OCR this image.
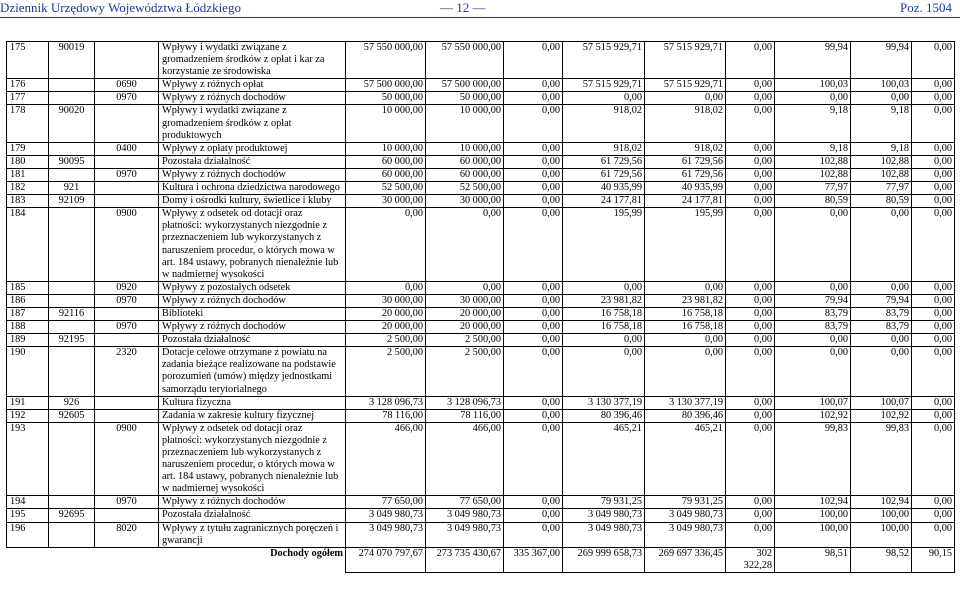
Dziennik Urzędowy Województwa Łódzkiego	— 12 —	Poz. 1504
175	90019		Wpływy i wydatki związane z gromadzeniem środków z opłat i kar za korzystanie ze środowiska	57 550 000,00	57 550 000,00	0,00	57 515 929,71	57 515 929,71	0,00	99,94	99,94	0,00
176		0690	Wpływy z różnych opłat	57 500 000,00	57 500 000,00	0,00	57 515 929,71	57 515 929,71	0,00	100,03	100,03	0,00
177		0970	Wpływy z różnych dochodów	50 000,00	50 000,00	0,00	0,00	0,00	0,00	0,00	0,00	0,00
178	90020		Wpływy i wydatki związane z gromadzeniem środków z opłat produktowych	10 000,00	10 000,00	0,00	918,02	918,02	0,00	9,18	9,18	0,00
179		0400	Wpływy z opłaty produktowej	10 000,00	10 000,00	0,00	918,02	918,02	0,00	9,18	9,18	0,00
180	90095		Pozostała działalność	60 000,00	60 000,00	0,00	61 729,56	61 729,56	0,00	102,88	102,88	0,00
181		0970	Wpływy z różnych dochodów	60 000,00	60 000,00	0,00	61 729,56	61 729,56	0,00	102,88	102,88	0,00
182	921		Kultura i ochrona dziedzictwa narodowego	52 500,00	52 500,00	0,00	40 935,99	40 935,99	0,00	77,97	77,97	0,00
183	92109		Domy i ośrodki kultury, świetlice i kluby	30 000,00	30 000,00	0,00	24 177,81	24 177,81	0,00	80,59	80,59	0,00
184		0900	Wpływy z odsetek od dotacji oraz płatności: wykorzystanych niezgodnie z przeznaczeniem lub wykorzystanych z naruszeniem procedur, o których mowa w art. 184 ustawy, pobranych nienależnie lub w nadmiernej wysokości	0,00	0,00	0,00	195,99	195,99	0,00	0,00	0,00	0,00
185		0920	Wpływy z pozostałych odsetek	0,00	0,00	0,00	0,00	0,00	0,00	0,00	0,00	0,00
186		0970	Wpływy z różnych dochodów	30 000,00	30 000,00	0,00	23 981,82	23 981,82	0,00	79,94	79,94	0,00
187	92116		Biblioteki	20 000,00	20 000,00	0,00	16 758,18	16 758,18	0,00	83,79	83,79	0,00
188		0970	Wpływy z różnych dochodów	20 000,00	20 000,00	0,00	16 758,18	16 758,18	0,00	83,79	83,79	0,00
189	92195		Pozostała działalność	2 500,00	2 500,00	0,00	0,00	0,00	0,00	0,00	0,00	0,00
190		2320	Dotacje celowe otrzymane z powiatu na zadania bieżące realizowane na podstawie porozumień (umów) między jednostkami samorządu terytorialnego	2 500,00	2 500,00	0,00	0,00	0,00	0,00	0,00	0,00	0,00
191	926		Kultura fizyczna	3 128 096,73	3 128 096,73	0,00	3 130 377,19	3 130 377,19	0,00	100,07	100,07	0,00
192	92605		Zadania w zakresie kultury fizycznej	78 116,00	78 116,00	0,00	80 396,46	80 396,46	0,00	102,92	102,92	0,00
193		0900	Wpływy z odsetek od dotacji oraz płatności: wykorzystanych niezgodnie z przeznaczeniem lub wykorzystanych z naruszeniem procedur, o których mowa w art. 184 ustawy, pobranych nienależnie lub w nadmiernej wysokości	466,00	466,00	0,00	465,21	465,21	0,00	99,83	99,83	0,00
194		0970	Wpływy z różnych dochodów	77 650,00	77 650,00	0,00	79 931,25	79 931,25	0,00	102,94	102,94	0,00
195	92695		Pozostała działalność	3 049 980,73	3 049 980,73	0,00	3 049 980,73	3 049 980,73	0,00	100,00	100,00	0,00
196		8020	Wpływy z tytułu zagranicznych poręczeń i gwarancji	3 049 980,73	3 049 980,73	0,00	3 049 980,73	3 049 980,73	0,00	100,00	100,00	0,00
Dochody ogółem				274 070 797,67	273 735 430,67	335 367,00	269 999 658,73	269 697 336,45	302 322,28	98,51	98,52	90,15
